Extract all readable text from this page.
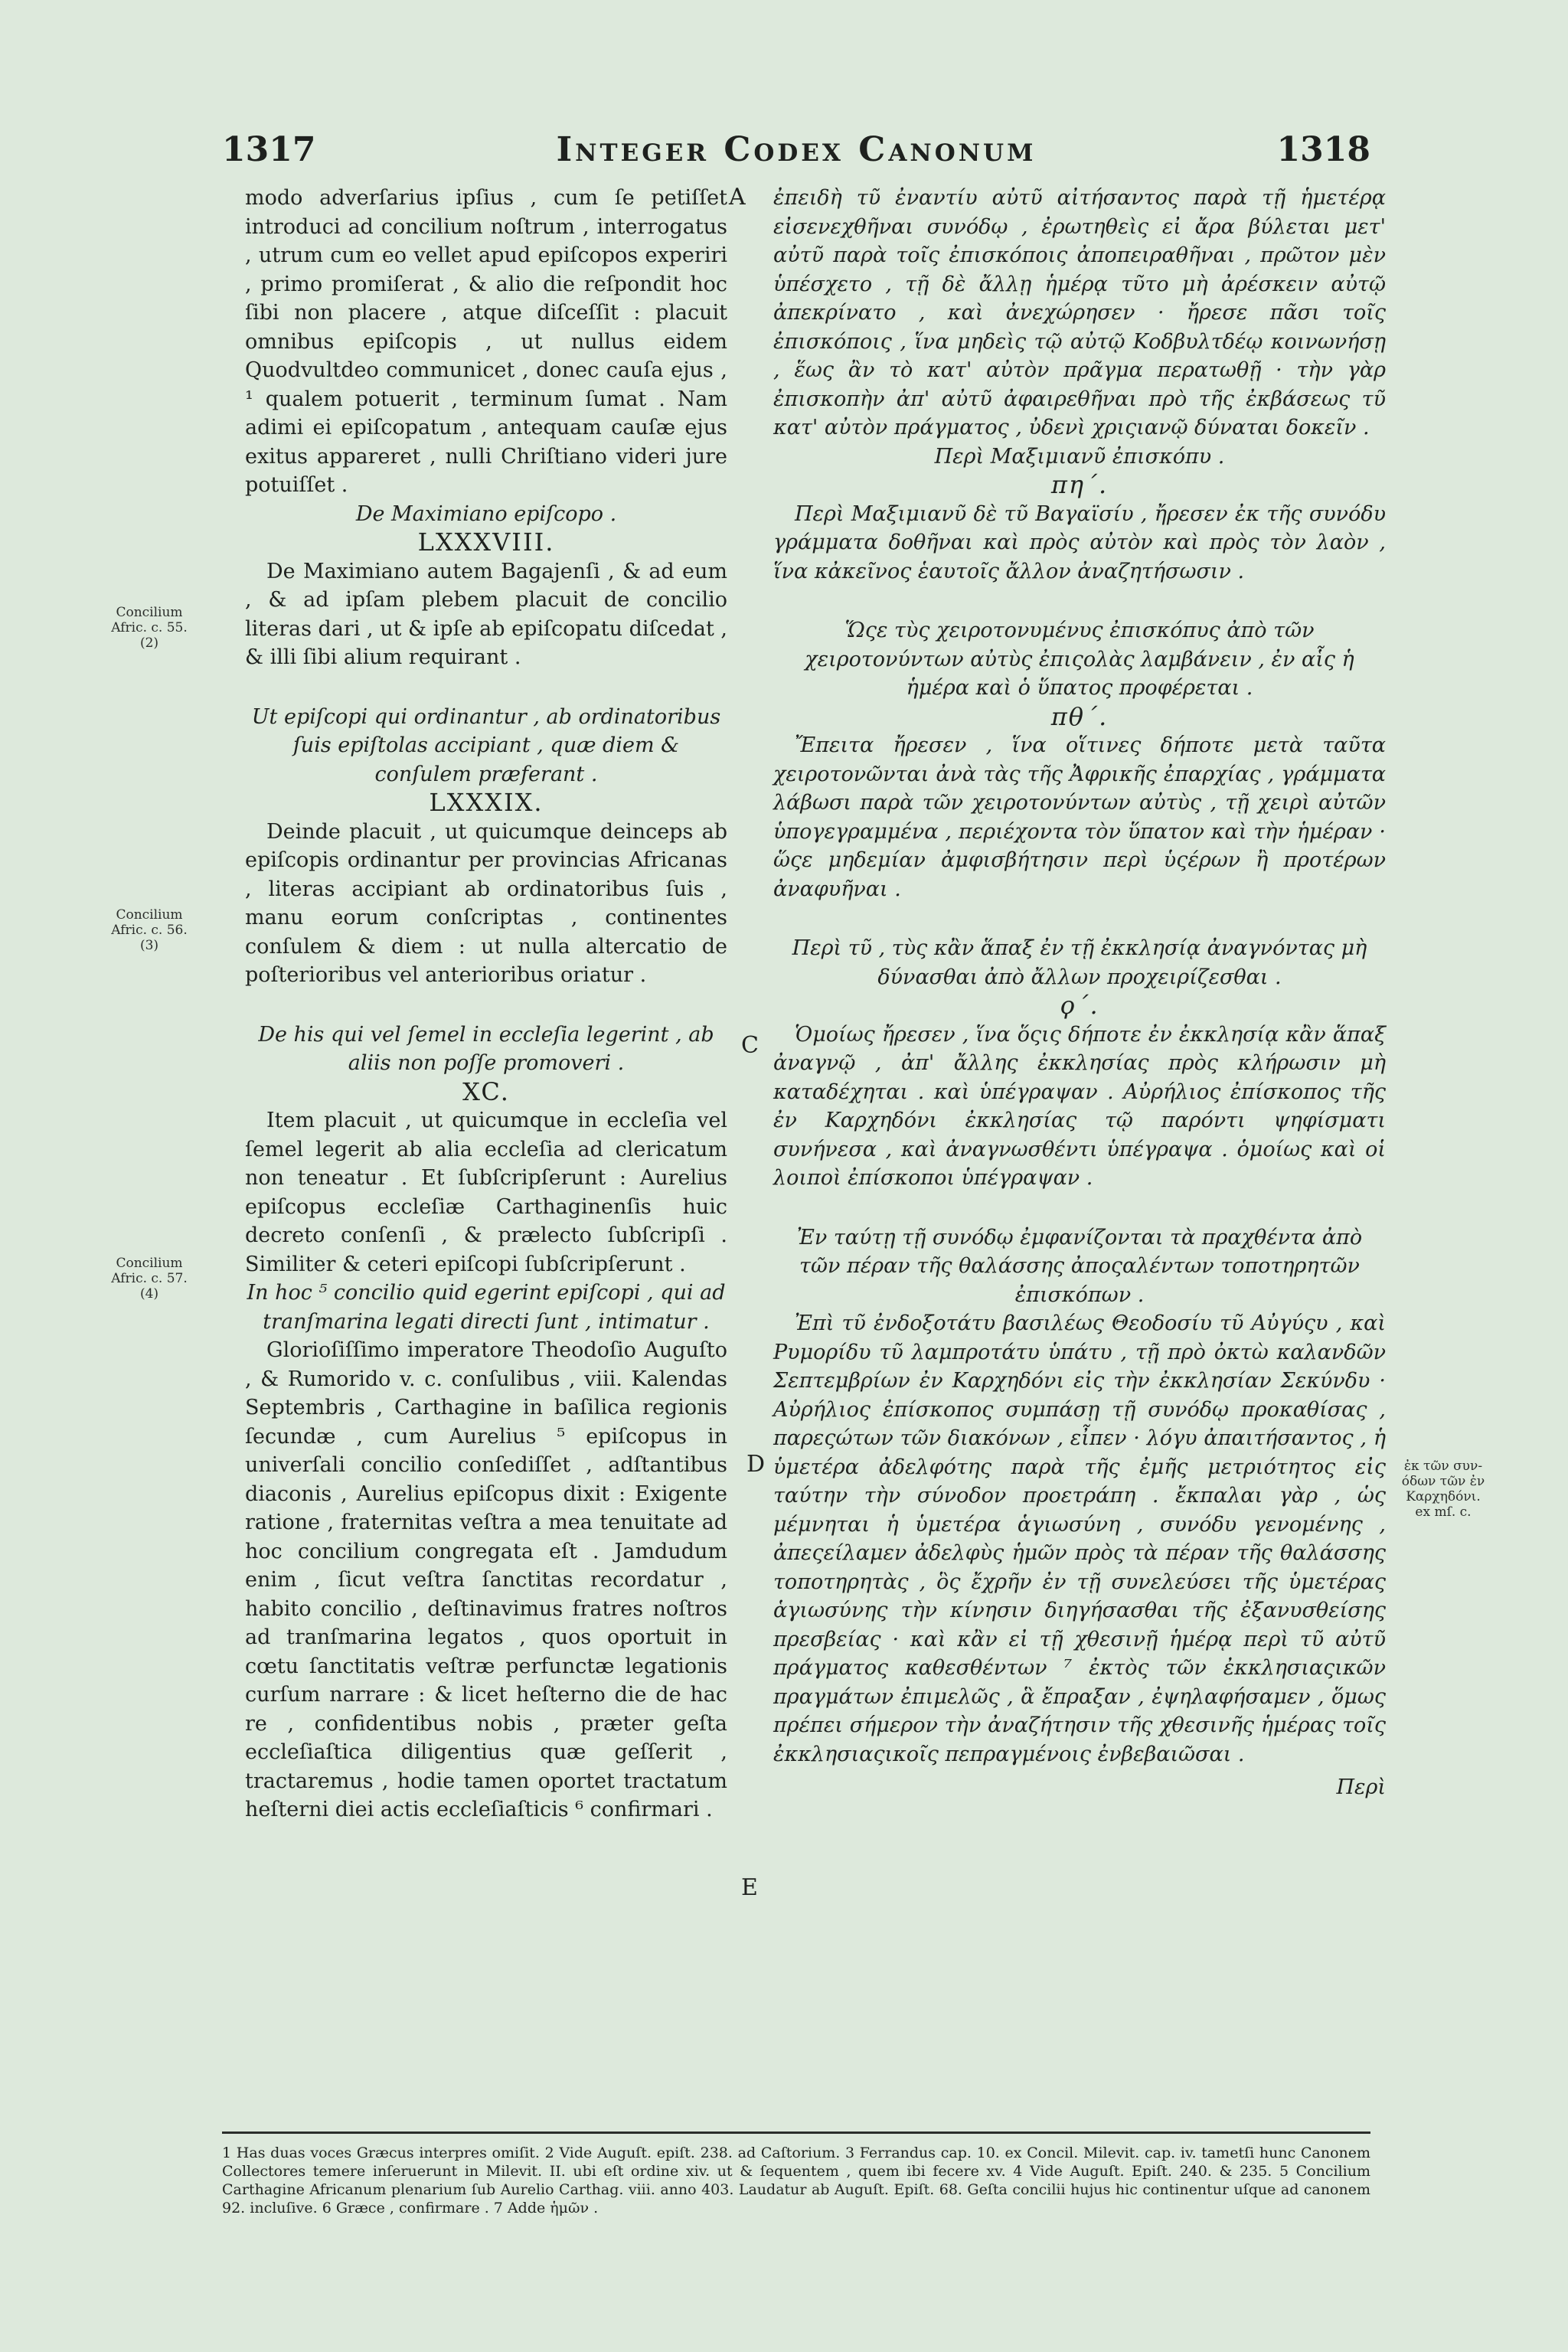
1317	Integer Codex Canonum	1318
A
C
D
E
Concilium
Afric. c. 55.
(2)
Concilium
Afric. c. 56.
(3)
Concilium
Afric. c. 57.
(4)
ἐκ τῶν συν-
όδων τῶν ἐν
Καρχηδόνι.
ex mſ. c.

modo adverſarius ipſius , cum ſe petiſſet introduci ad concilium noſtrum , interrogatus , utrum cum eo vellet apud epiſcopos experiri , primo promiſerat , & alio die reſpondit hoc ſibi non placere , atque diſceſſit : placuit omnibus epiſcopis , ut nullus eidem Quodvultdeo communicet , donec cauſa ejus , ¹ qualem potuerit , terminum ſumat . Nam adimi ei epiſcopatum , antequam cauſæ ejus exitus appareret , nulli Chriſtiano videri jure potuiſſet .

De Maximiano epiſcopo .

LXXXVIII.

De Maximiano autem Bagajenſi , & ad eum , & ad ipſam plebem placuit de concilio literas dari , ut & ipſe ab epiſcopatu diſcedat , & illi ſibi alium requirant .

Ut epiſcopi qui ordinantur , ab ordinatoribus ſuis epiſtolas accipiant , quæ diem & conſulem præferant .

LXXXIX.

Deinde placuit , ut quicumque deinceps ab epiſcopis ordinantur per provincias Africanas , literas accipiant ab ordinatoribus ſuis , manu eorum conſcriptas , continentes conſulem & diem : ut nulla altercatio de poſterioribus vel anterioribus oriatur .

De his qui vel ſemel in eccleſia legerint , ab aliis non poſſe promoveri .

XC.

Item placuit , ut quicumque in eccleſia vel ſemel legerit ab alia eccleſia ad clericatum non teneatur . Et ſubſcripſerunt : Aurelius epiſcopus eccleſiæ Carthaginenſis huic decreto conſenſi , & prælecto ſubſcripſi . Similiter & ceteri epiſcopi ſubſcripſerunt .

In hoc ⁵ concilio quid egerint epiſcopi , qui ad tranſmarina legati directi ſunt , intimatur .

Glorioſiſſimo imperatore Theodoſio Auguſto , & Rumorido v. c. conſulibus , viii. Kalendas Septembris , Carthagine in baſilica regionis ſecundæ , cum Aurelius ⁵ epiſcopus in univerſali concilio conſediſſet , adſtantibus diaconis , Aurelius epiſcopus dixit : Exigente ratione , fraternitas veſtra a mea tenuitate ad hoc concilium congregata eſt . Jamdudum enim , ſicut veſtra ſanctitas recordatur , habito concilio , deſtinavimus fratres noſtros ad tranſmarina legatos , quos oportuit in cœtu ſanctitatis veſtræ perfunctæ legationis curſum narrare : & licet heſterno die de hac re , confidentibus nobis , præter geſta eccleſiaſtica diligentius quæ geſſerit , tractaremus , hodie tamen oportet tractatum heſterni diei actis eccleſiaſticis ⁶ confirmari .

ἐπειδὴ τῦ ἐναντίυ αὐτῦ αἰτήσαντος παρὰ τῇ ἡμετέρᾳ εἰσενεχθῆναι συνόδῳ , ἐρωτηθεὶς εἰ ἄρα βύλεται μετ' αὐτῦ παρὰ τοῖς ἐπισκόποις ἀποπειραθῆναι , πρῶτον μὲν ὑπέσχετο , τῇ δὲ ἄλλῃ ἡμέρᾳ τῦτο μὴ ἀρέσκειν αὐτῷ ἀπεκρίνατο , καὶ ἀνεχώρησεν · ἤρεσε πᾶσι τοῖς ἐπισκόποις , ἵνα μηδεὶς τῷ αὐτῷ Κοδβυλτδέῳ κοινωνήσῃ , ἕως ἂν τὸ κατ' αὐτὸν πρᾶγμα περατωθῇ · τὴν γὰρ ἐπισκοπὴν ἀπ' αὐτῦ ἀφαιρεθῆναι πρὸ τῆς ἐκβάσεως τῦ κατ' αὐτὸν πράγματος , ὐδενὶ χριςιανῷ δύναται δοκεῖν .

Περὶ Μαξιμιανῦ ἐπισκόπυ .

πη΄.

Περὶ Μαξιμιανῦ δὲ τῦ Βαγαϊσίυ , ἤρεσεν ἐκ τῆς συνόδυ γράμματα δοθῆναι καὶ πρὸς αὐτὸν καὶ πρὸς τὸν λαὸν , ἵνα κἀκεῖνος ἑαυτοῖς ἄλλον ἀναζητήσωσιν .

Ὥςε τὺς χειροτονυμένυς ἐπισκόπυς ἀπὸ τῶν χειροτονύντων αὐτὺς ἐπιςολὰς λαμβάνειν , ἐν αἷς ἡ ἡμέρα καὶ ὁ ὕπατος προφέρεται .

πθ΄.

Ἔπειτα ἤρεσεν , ἵνα οἵτινες δήποτε μετὰ ταῦτα χειροτονῶνται ἀνὰ τὰς τῆς Ἀφρικῆς ἐπαρχίας , γράμματα λάβωσι παρὰ τῶν χειροτονύντων αὐτὺς , τῇ χειρὶ αὐτῶν ὑπογεγραμμένα , περιέχοντα τὸν ὕπατον καὶ τὴν ἡμέραν · ὥςε μηδεμίαν ἀμφισβήτησιν περὶ ὑςέρων ἢ προτέρων ἀναφυῆναι .

Περὶ τῦ , τὺς κἂν ἅπαξ ἐν τῇ ἐκκλησίᾳ ἀναγνόντας μὴ δύνασθαι ἀπὸ ἄλλων προχειρίζεσθαι .

ϙ΄.

Ὁμοίως ἤρεσεν , ἵνα ὅςις δήποτε ἐν ἐκκλησίᾳ κἂν ἅπαξ ἀναγνῷ , ἀπ' ἄλλης ἐκκλησίας πρὸς κλήρωσιν μὴ καταδέχηται . καὶ ὑπέγραψαν . Αὐρήλιος ἐπίσκοπος τῆς ἐν Καρχηδόνι ἐκκλησίας τῷ παρόντι ψηφίσματι συνήνεσα , καὶ ἀναγνωσθέντι ὑπέγραψα . ὁμοίως καὶ οἱ λοιποὶ ἐπίσκοποι ὑπέγραψαν .

Ἐν ταύτῃ τῇ συνόδῳ ἐμφανίζονται τὰ πραχθέντα ἀπὸ τῶν πέραν τῆς θαλάσσης ἀποςαλέντων τοποτηρητῶν ἐπισκόπων .

Ἐπὶ τῦ ἐνδοξοτάτυ βασιλέως Θεοδοσίυ τῦ Αὐγύςυ , καὶ Ρυμορίδυ τῦ λαμπροτάτυ ὑπάτυ , τῇ πρὸ ὀκτὼ καλανδῶν Σεπτεμβρίων ἐν Καρχηδόνι εἰς τὴν ἐκκλησίαν Σεκύνδυ · Αὐρήλιος ἐπίσκοπος συμπάσῃ τῇ συνόδῳ προκαθίσας , παρεςώτων τῶν διακόνων , εἶπεν · λόγυ ἀπαιτήσαντος , ἡ ὑμετέρα ἀδελφότης παρὰ τῆς ἐμῆς μετριότητος εἰς ταύτην τὴν σύνοδον προετράπη . ἔκπαλαι γὰρ , ὡς μέμνηται ἡ ὑμετέρα ἁγιωσύνη , συνόδυ γενομένης , ἀπεςείλαμεν ἀδελφὺς ἡμῶν πρὸς τὰ πέραν τῆς θαλάσσης τοποτηρητὰς , ὃς ἔχρῆν ἐν τῇ συνελεύσει τῆς ὑμετέρας ἁγιωσύνης τὴν κίνησιν διηγήσασθαι τῆς ἐξανυσθείσης πρεσβείας · καὶ κἂν εἰ τῇ χθεσινῇ ἡμέρᾳ περὶ τῦ αὐτῦ πράγματος καθεσθέντων ⁷ ἐκτὸς τῶν ἐκκλησιαςικῶν πραγμάτων ἐπιμελῶς , ἃ ἔπραξαν , ἐψηλαφήσαμεν , ὅμως πρέπει σήμερον τὴν ἀναζήτησιν τῆς χθεσινῆς ἡμέρας τοῖς ἐκκλησιαςικοῖς πεπραγμένοις ἐνβεβαιῶσαι .

Περὶ

1 Has duas voces Græcus interpres omiſit. 2 Vide Auguſt. epiſt. 238. ad Caſtorium. 3 Ferrandus cap. 10. ex Concil. Milevit. cap. iv. tametſi hunc Canonem Collectores temere inſeruerunt in Milevit. II. ubi eſt ordine xiv. ut & ſequentem , quem ibi fecere xv. 4 Vide Auguſt. Epiſt. 240. & 235. 5 Concilium Carthagine Africanum plenarium ſub Aurelio Carthag. viii. anno 403. Laudatur ab Auguſt. Epiſt. 68. Geſta concilii hujus hic continentur uſque ad canonem 92. incluſive. 6 Græce , confirmare . 7 Adde ἡμῶν .
